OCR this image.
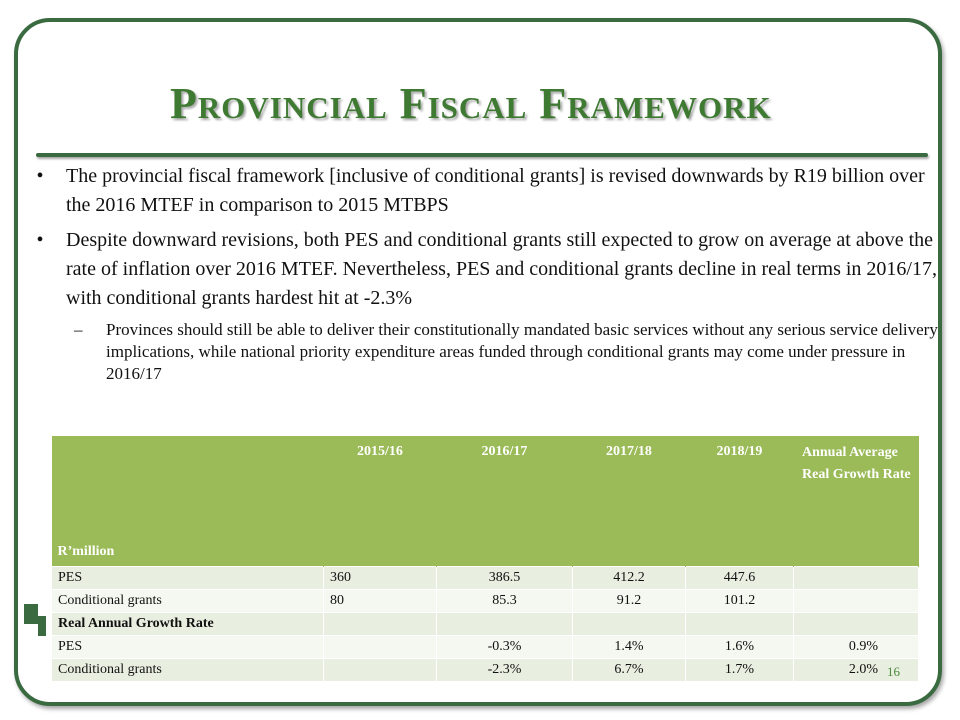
Provincial Fiscal Framework

•	The provincial fiscal framework [inclusive of conditional grants] is revised downwards by R19 billion over the 2016 MTEF in comparison to 2015 MTBPS

•	Despite downward revisions, both PES and conditional grants still expected to grow on average at above the rate of inflation over 2016 MTEF. Nevertheless, PES and conditional grants decline in real terms in 2016/17, with conditional grants hardest hit at -2.3%

– Provinces should still be able to deliver their constitutionally mandated basic services without any serious service delivery implications, while national priority expenditure areas funded through conditional grants may come under pressure in 2016/17

R’million	2015/16	2016/17	2017/18	2018/19	Annual Average Real Growth Rate
PES	360	386.5	412.2	447.6	
Conditional grants	80	85.3	91.2	101.2	
Real Annual Growth Rate					
PES		-0.3%	1.4%	1.6%	0.9%
Conditional grants		-2.3%	6.7%	1.7%	2.0% 16
